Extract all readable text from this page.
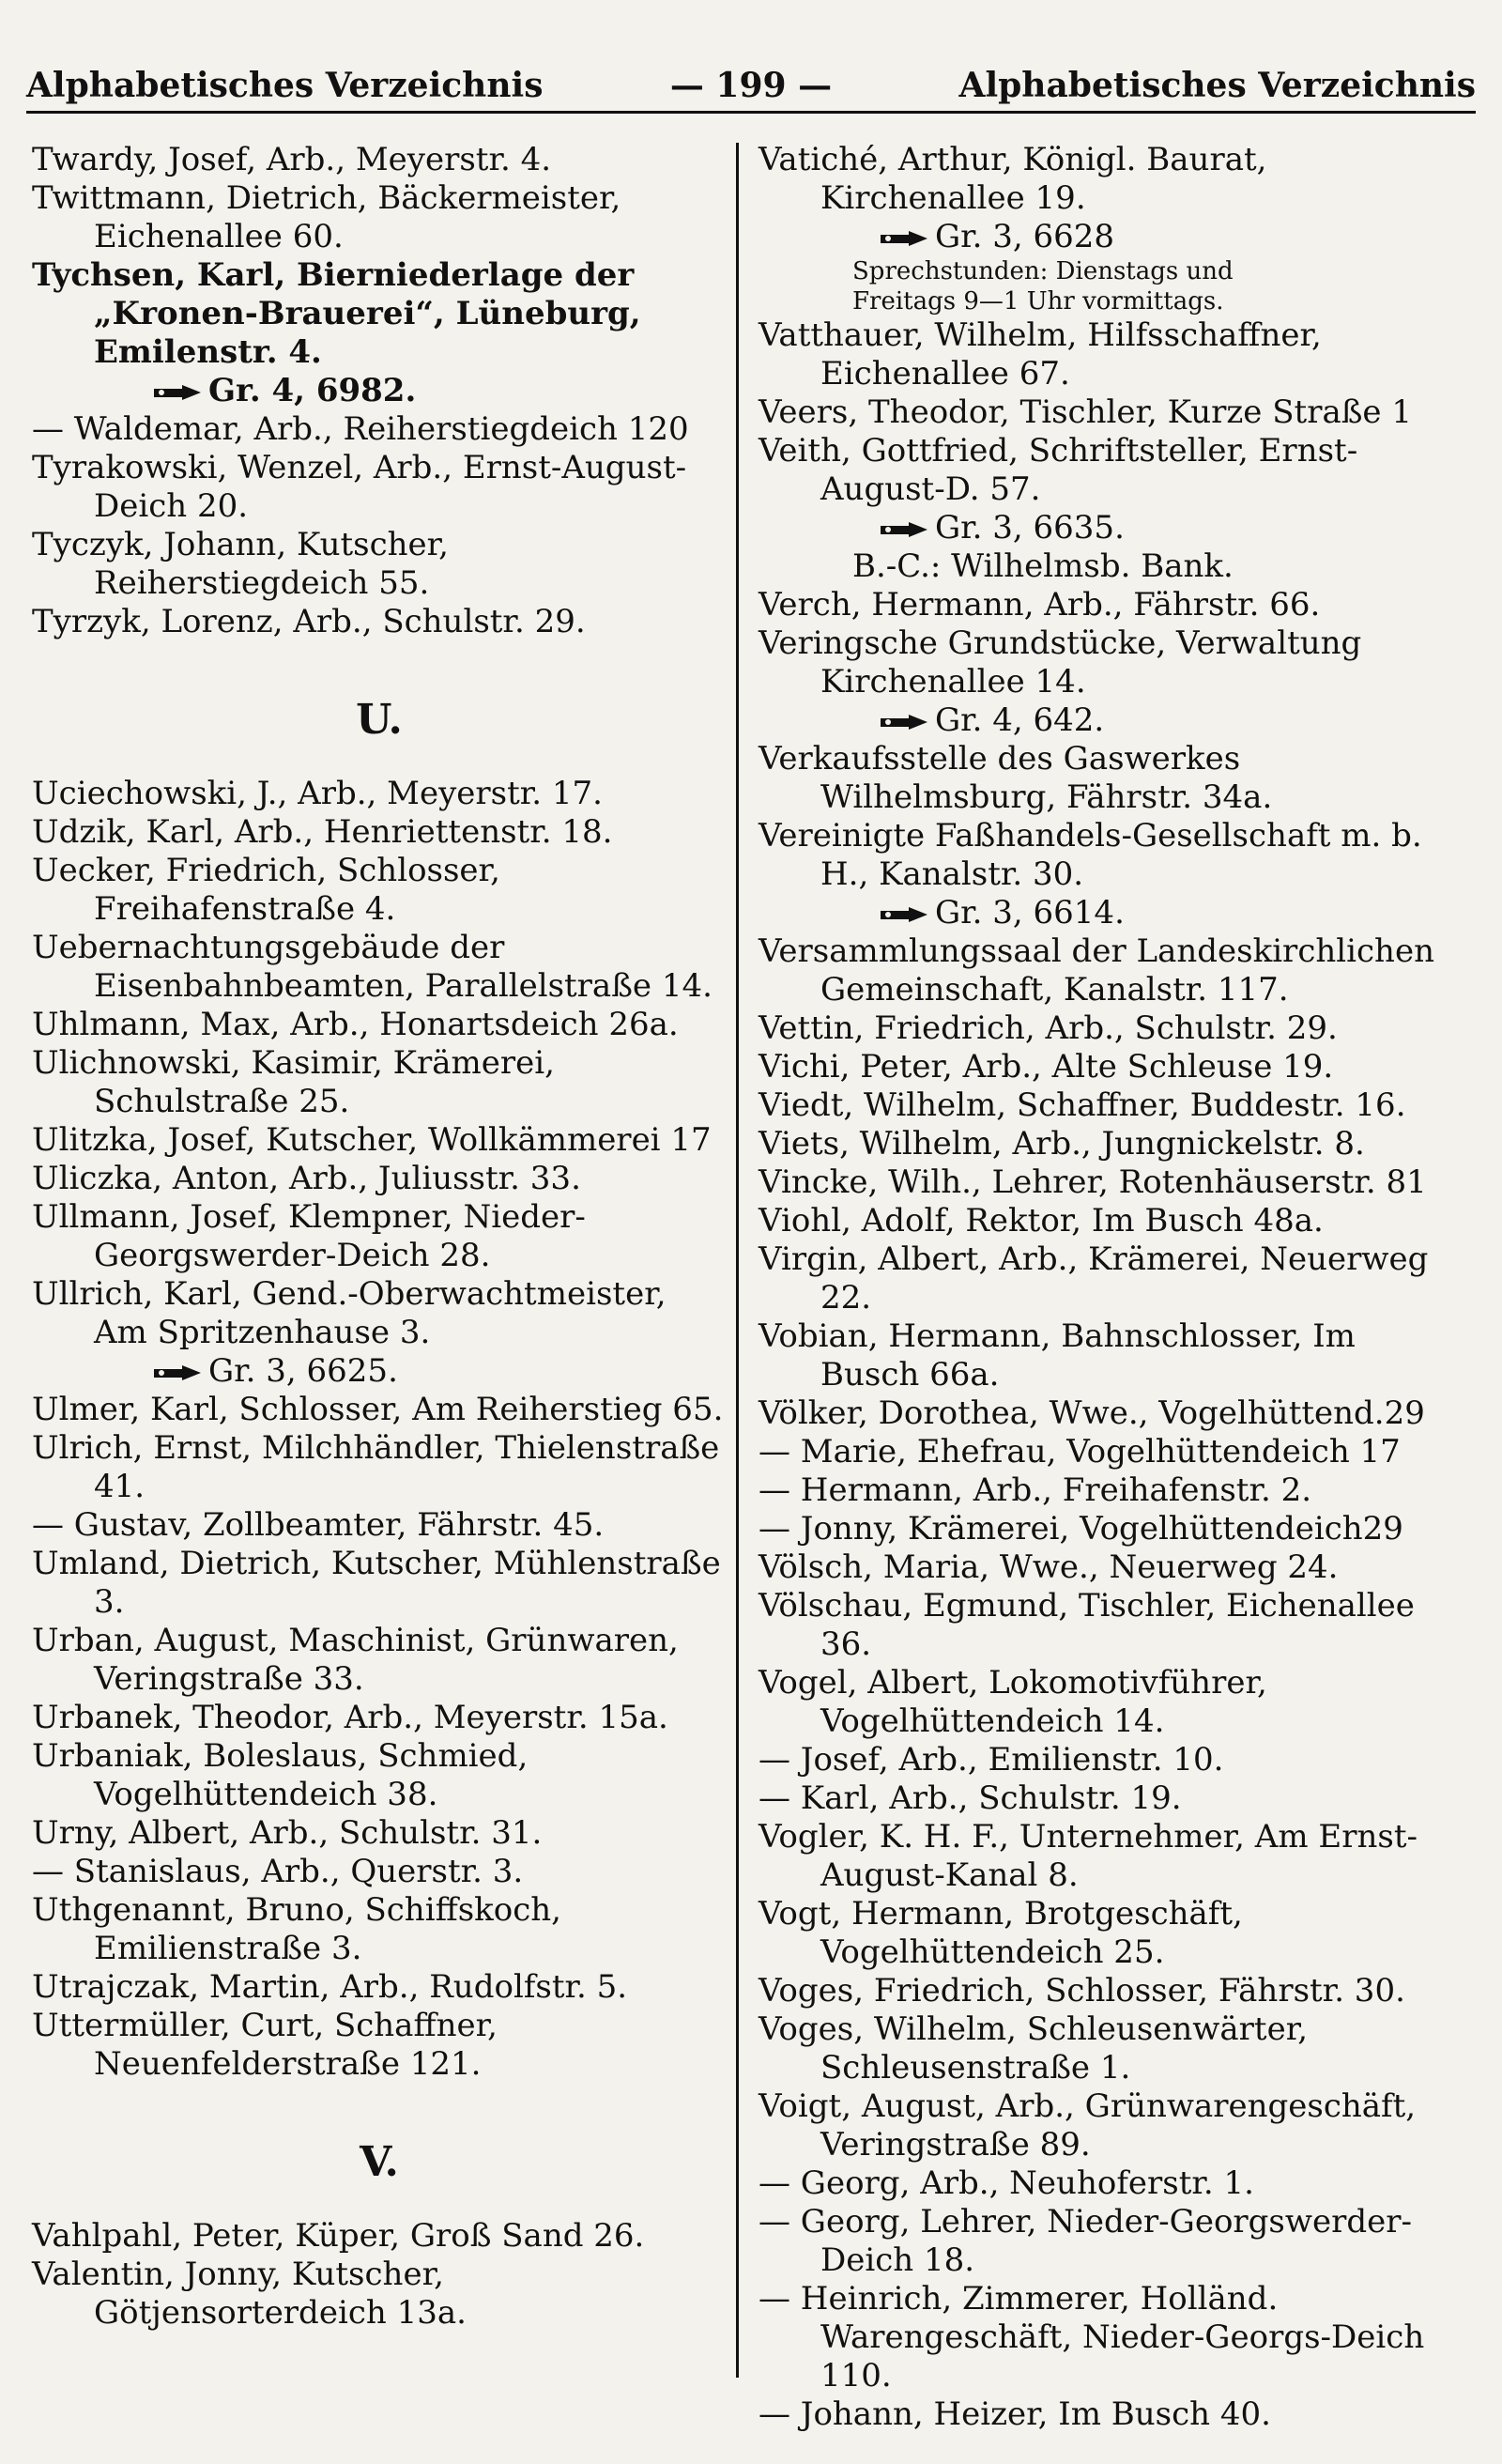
Alphabetisches Verzeichnis	— 199 —	Alphabetisches Verzeichnis

Twardy, Josef, Arb., Meyerstr. 4.

Twittmann, Dietrich, Bäckermeister, Eichenallee 60.

Tychsen, Karl, Bierniederlage der „Kronen-Brauerei“, Lüneburg, Emilenstr. 4.

Gr. 4, 6982.

— Waldemar, Arb., Reiherstiegdeich 120

Tyrakowski, Wenzel, Arb., Ernst-August-Deich 20.

Tyczyk, Johann, Kutscher, Reiherstiegdeich 55.

Tyrzyk, Lorenz, Arb., Schulstr. 29.

U.

Uciechowski, J., Arb., Meyerstr. 17.

Udzik, Karl, Arb., Henriettenstr. 18.

Uecker, Friedrich, Schlosser, Freihafenstraße 4.

Uebernachtungsgebäude der Eisenbahnbeamten, Parallelstraße 14.

Uhlmann, Max, Arb., Honartsdeich 26a.

Ulichnowski, Kasimir, Krämerei, Schulstraße 25.

Ulitzka, Josef, Kutscher, Wollkämmerei 17

Uliczka, Anton, Arb., Juliusstr. 33.

Ullmann, Josef, Klempner, Nieder-Georgswerder-Deich 28.

Ullrich, Karl, Gend.-Oberwachtmeister, Am Spritzenhause 3.

Gr. 3, 6625.

Ulmer, Karl, Schlosser, Am Reiherstieg 65.

Ulrich, Ernst, Milchhändler, Thielenstraße 41.

— Gustav, Zollbeamter, Fährstr. 45.

Umland, Dietrich, Kutscher, Mühlenstraße 3.

Urban, August, Maschinist, Grünwaren, Veringstraße 33.

Urbanek, Theodor, Arb., Meyerstr. 15a.

Urbaniak, Boleslaus, Schmied, Vogelhüttendeich 38.

Urny, Albert, Arb., Schulstr. 31.

— Stanislaus, Arb., Querstr. 3.

Uthgenannt, Bruno, Schiffskoch, Emilienstraße 3.

Utrajczak, Martin, Arb., Rudolfstr. 5.

Uttermüller, Curt, Schaffner, Neuenfelderstraße 121.

V.

Vahlpahl, Peter, Küper, Groß Sand 26.

Valentin, Jonny, Kutscher, Götjensorterdeich 13a.

Vatiché, Arthur, Königl. Baurat, Kirchenallee 19.

Gr. 3, 6628

Sprechstunden: Dienstags und

Freitags 9—1 Uhr vormittags.

Vatthauer, Wilhelm, Hilfsschaffner, Eichenallee 67.

Veers, Theodor, Tischler, Kurze Straße 1

Veith, Gottfried, Schriftsteller, Ernst-August-D. 57.

Gr. 3, 6635.

B.-C.: Wilhelmsb. Bank.

Verch, Hermann, Arb., Fährstr. 66.

Veringsche Grundstücke, Verwaltung Kirchenallee 14.

Gr. 4, 642.

Verkaufsstelle des Gaswerkes Wilhelmsburg, Fährstr. 34a.

Vereinigte Faßhandels-Gesellschaft m. b. H., Kanalstr. 30.

Gr. 3, 6614.

Versammlungssaal der Landeskirchlichen Gemeinschaft, Kanalstr. 117.

Vettin, Friedrich, Arb., Schulstr. 29.

Vichi, Peter, Arb., Alte Schleuse 19.

Viedt, Wilhelm, Schaffner, Buddestr. 16.

Viets, Wilhelm, Arb., Jungnickelstr. 8.

Vincke, Wilh., Lehrer, Rotenhäuserstr. 81

Viohl, Adolf, Rektor, Im Busch 48a.

Virgin, Albert, Arb., Krämerei, Neuerweg 22.

Vobian, Hermann, Bahnschlosser, Im Busch 66a.

Völker, Dorothea, Wwe., Vogelhüttend.29

— Marie, Ehefrau, Vogelhüttendeich 17

— Hermann, Arb., Freihafenstr. 2.

— Jonny, Krämerei, Vogelhüttendeich29

Völsch, Maria, Wwe., Neuerweg 24.

Völschau, Egmund, Tischler, Eichenallee 36.

Vogel, Albert, Lokomotivführer, Vogelhüttendeich 14.

— Josef, Arb., Emilienstr. 10.

— Karl, Arb., Schulstr. 19.

Vogler, K. H. F., Unternehmer, Am Ernst-August-Kanal 8.

Vogt, Hermann, Brotgeschäft, Vogelhüttendeich 25.

Voges, Friedrich, Schlosser, Fährstr. 30.

Voges, Wilhelm, Schleusenwärter, Schleusenstraße 1.

Voigt, August, Arb., Grünwarengeschäft, Veringstraße 89.

— Georg, Arb., Neuhoferstr. 1.

— Georg, Lehrer, Nieder-Georgswerder-Deich 18.

— Heinrich, Zimmerer, Holländ. Warengeschäft, Nieder-Georgs-Deich 110.

— Johann, Heizer, Im Busch 40.
